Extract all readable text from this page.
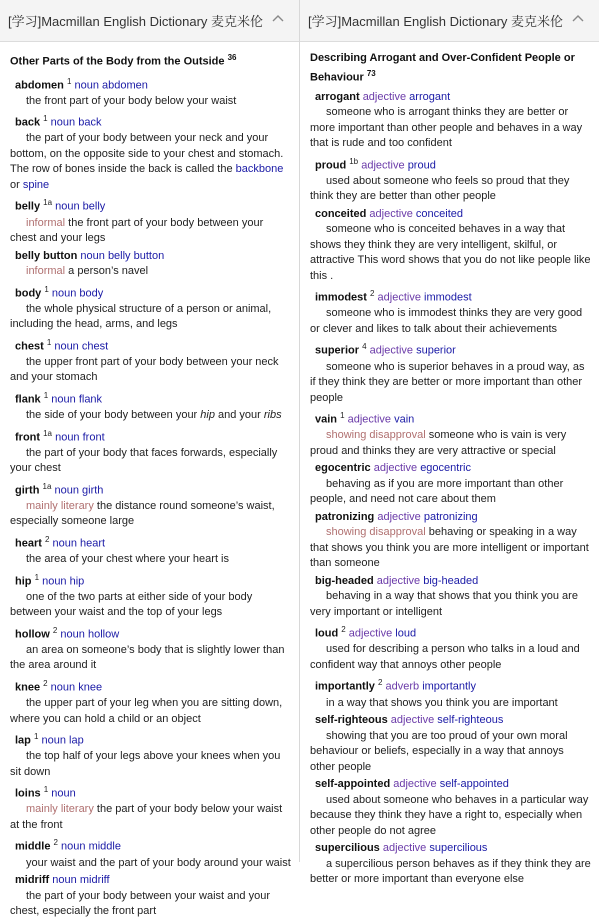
[学习]Macmillan English Dictionary 麦克米伦
Other Parts of the Body from the Outside $^{36}$
abdomen $^1$ noun abdomen
the front part of your body below your waist
back $^1$ noun back
the part of your body between your neck and your bottom, on the opposite side to your chest and stomach. The row of bones inside the back is called the backbone or spine
belly $^{1a}$ noun belly
informal the front part of your body between your chest and your legs
belly button noun belly button
informal a person’s navel
body $^1$ noun body
the whole physical structure of a person or animal, including the head, arms, and legs
chest $^1$ noun chest
the upper front part of your body between your neck and your stomach
flank $^1$ noun flank
the side of your body between your hip and your ribs
front $^{1a}$ noun front
the part of your body that faces forwards, especially your chest
girth $^{1a}$ noun girth
mainly literary the distance round someone’s waist, especially someone large
heart $^2$ noun heart
the area of your chest where your heart is
hip $^1$ noun hip
one of the two parts at either side of your body between your waist and the top of your legs
hollow $^2$ noun hollow
an area on someone’s body that is slightly lower than the area around it
knee $^2$ noun knee
the upper part of your leg when you are sitting down, where you can hold a child or an object
lap $^1$ noun lap
the top half of your legs above your knees when you sit down
loins $^1$ noun
mainly literary the part of your body below your waist at the front
middle $^2$ noun middle
your waist and the part of your body around your waist
midriff noun midriff
the part of your body between your waist and your chest, especially the front part
[学习]Macmillan English Dictionary 麦克米伦
Describing Arrogant and Over-Confident People or Behaviour $^{73}$
arrogant adjective arrogant
someone who is arrogant thinks they are better or more important than other people and behaves in a way that is rude and too confident
proud $^{1b}$ adjective proud
used about someone who feels so proud that they think they are better than other people
conceited adjective conceited
someone who is conceited behaves in a way that shows they think they are very intelligent, skilful, or attractive This word shows that you do not like people like this .
immodest $^2$ adjective immodest
someone who is immodest thinks they are very good or clever and likes to talk about their achievements
superior $^4$ adjective superior
someone who is superior behaves in a proud way, as if they think they are better or more important than other people
vain $^1$ adjective vain
showing disapproval someone who is vain is very proud and thinks they are very attractive or special
egocentric adjective egocentric
behaving as if you are more important than other people, and need not care about them
patronizing adjective patronizing
showing disapproval behaving or speaking in a way that shows you think you are more intelligent or important than someone
big-headed adjective big-headed
behaving in a way that shows that you think you are very important or intelligent
loud $^2$ adjective loud
used for describing a person who talks in a loud and confident way that annoys other people
importantly $^2$ adverb importantly
in a way that shows you think you are important
self-righteous adjective self-righteous
showing that you are too proud of your own moral behaviour or beliefs, especially in a way that annoys other people
self-appointed adjective self-appointed
used about someone who behaves in a particular way because they think they have a right to, especially when other people do not agree
supercilious adjective supercilious
a supercilious person behaves as if they think they are better or more important than everyone else
